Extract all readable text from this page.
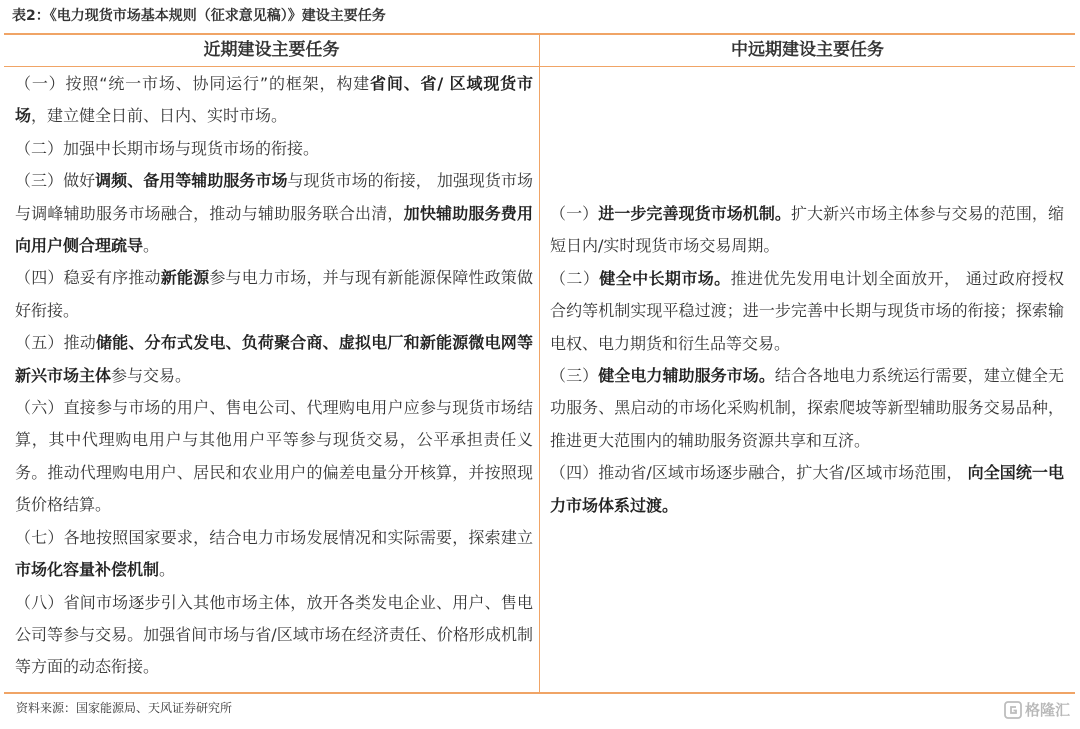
表2：《电力现货市场基本规则（征求意见稿）》建设主要任务
近期建设主要任务	中远期建设主要任务

（一）按照“统一市场、协同运行”的框架，构建省间、省/ 区域现货市场，建立健全日前、日内、实时市场。

（二）加强中长期市场与现货市场的衔接。

（三）做好调频、备用等辅助服务市场与现货市场的衔接， 加强现货市场与调峰辅助服务市场融合，推动与辅助服务联合出清，加快辅助服务费用向用户侧合理疏导。

（四）稳妥有序推动新能源参与电力市场，并与现有新能源保障性政策做好衔接。

（五）推动储能、分布式发电、负荷聚合商、虚拟电厂和新能源微电网等新兴市场主体参与交易。

（六）直接参与市场的用户、售电公司、代理购电用户应参与现货市场结算，其中代理购电用户与其他用户平等参与现货交易，公平承担责任义务。推动代理购电用户、居民和农业用户的偏差电量分开核算，并按照现货价格结算。

（七）各地按照国家要求，结合电力市场发展情况和实际需要，探索建立市场化容量补偿机制。

（八）省间市场逐步引入其他市场主体，放开各类发电企业、用户、售电公司等参与交易。加强省间市场与省/区域市场在经济责任、价格形成机制等方面的动态衔接。

（一）进一步完善现货市场机制。扩大新兴市场主体参与交易的范围，缩短日内/实时现货市场交易周期。

（二）健全中长期市场。推进优先发用电计划全面放开， 通过政府授权合约等机制实现平稳过渡；进一步完善中长期与现货市场的衔接；探索输电权、电力期货和衍生品等交易。

（三）健全电力辅助服务市场。结合各地电力系统运行需要，建立健全无功服务、黑启动的市场化采购机制，探索爬坡等新型辅助服务交易品种，推进更大范围内的辅助服务资源共享和互济。

（四）推动省/区域市场逐步融合，扩大省/区域市场范围， 向全国统一电力市场体系过渡。

资料来源：国家能源局、天风证券研究所	格隆汇
